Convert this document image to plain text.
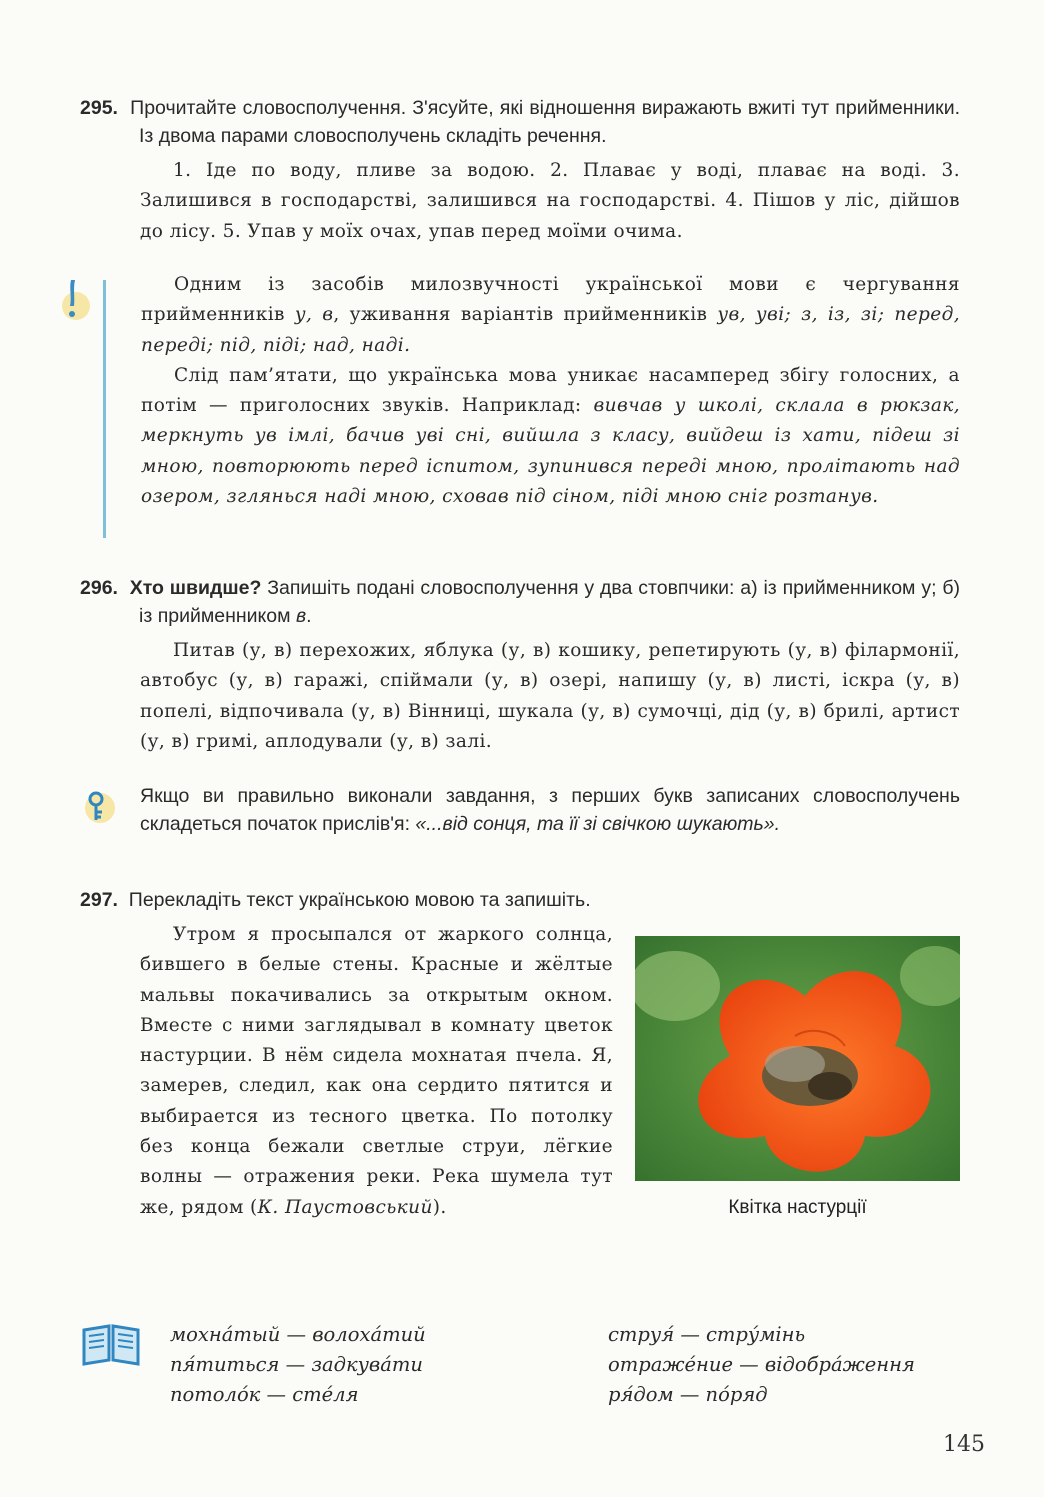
295. Прочитайте словосполучення. З'ясуйте, які відношення виражають вжиті тут прийменники. Із двома парами словосполучень складіть речення.

1. Іде по воду, пливе за водою. 2. Плаває у воді, плаває на воді. 3. Залишився в господарстві, залишився на господарстві. 4. Пішов у ліс, дійшов до лісу. 5. Упав у моїх очах, упав перед моїми очима.

Одним із засобів милозвучності української мови є чергування прийменників у, в, уживання варіантів прийменників ув, уві; з, із, зі; перед, переді; під, піді; над, наді.

Слід пам’ятати, що українська мова уникає насамперед збігу голосних, а потім — приголосних звуків. Наприклад: вивчав у школі, склала в рюкзак, меркнуть ув імлі, бачив уві сні, вийшла з класу, вийдеш із хати, підеш зі мною, повторюють перед іспитом, зупинився переді мною, пролітають над озером, зглянься наді мною, сховав під сіном, піді мною сніг розтанув.

296. Хто швидше? Запишіть подані словосполучення у два стовпчики: а) із прийменником у; б) із прийменником в.

Питав (у, в) перехожих, яблука (у, в) кошику, репетирують (у, в) філармонії, автобус (у, в) гаражі, спіймали (у, в) озері, напишу (у, в) листі, іскра (у, в) попелі, відпочивала (у, в) Вінниці, шукала (у, в) сумочці, дід (у, в) брилі, артист (у, в) гримі, аплодували (у, в) залі.

Якщо ви правильно виконали завдання, з перших букв записаних словосполучень складеться початок прислів'я: «...від сонця, та її зі свічкою шукають».

297. Перекладіть текст українською мовою та запишіть.

Утром я просыпался от жаркого солнца, бившего в белые стены. Красные и жёлтые мальвы покачивались за открытым окном. Вместе с ними заглядывал в комнату цветок настурции. В нём сидела мохнатая пчела. Я, замерев, следил, как она сердито пятится и выбирается из тесного цветка. По потолку без конца бежали светлые струи, лёгкие волны — отражения реки. Река шумела тут же, рядом (К. Паустовський).	Квітка настурції
мохна́тый — волоха́тий
пя́титься — задкува́ти
потоло́к — сте́ля
струя́ — стру́мінь
отраже́ние — відобра́ження
ря́дом — по́ряд
145
